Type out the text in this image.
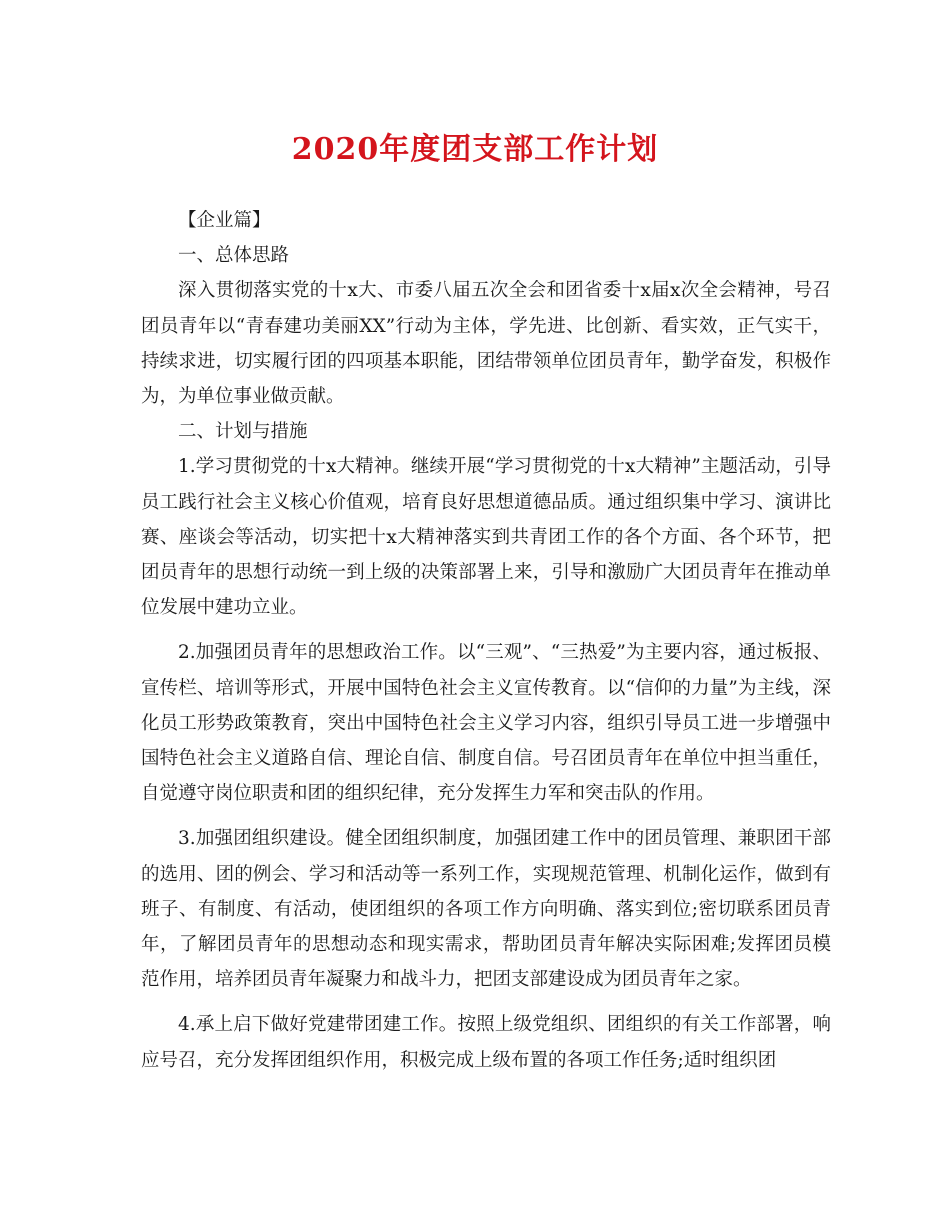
2020年度团支部工作计划

【企业篇】

一、总体思路

深入贯彻落实党的十x大、市委八届五次全会和团省委十x届x次全会精神，号召团员青年以“青春建功美丽XX”行动为主体，学先进、比创新、看实效，正气实干，持续求进，切实履行团的四项基本职能，团结带领单位团员青年，勤学奋发，积极作为，为单位事业做贡献。

二、计划与措施

1.学习贯彻党的十x大精神。继续开展“学习贯彻党的十x大精神”主题活动，引导员工践行社会主义核心价值观，培育良好思想道德品质。通过组织集中学习、演讲比赛、座谈会等活动，切实把十x大精神落实到共青团工作的各个方面、各个环节，把团员青年的思想行动统一到上级的决策部署上来，引导和激励广大团员青年在推动单位发展中建功立业。

2.加强团员青年的思想政治工作。以“三观”、“三热爱”为主要内容，通过板报、宣传栏、培训等形式，开展中国特色社会主义宣传教育。以“信仰的力量”为主线，深化员工形势政策教育，突出中国特色社会主义学习内容，组织引导员工进一步增强中国特色社会主义道路自信、理论自信、制度自信。号召团员青年在单位中担当重任，自觉遵守岗位职责和团的组织纪律，充分发挥生力军和突击队的作用。

3.加强团组织建设。健全团组织制度，加强团建工作中的团员管理、兼职团干部的选用、团的例会、学习和活动等一系列工作，实现规范管理、机制化运作，做到有班子、有制度、有活动，使团组织的各项工作方向明确、落实到位;密切联系团员青年，了解团员青年的思想动态和现实需求，帮助团员青年解决实际困难;发挥团员模范作用，培养团员青年凝聚力和战斗力，把团支部建设成为团员青年之家。

4.承上启下做好党建带团建工作。按照上级党组织、团组织的有关工作部署，响应号召，充分发挥团组织作用，积极完成上级布置的各项工作任务;适时组织团
